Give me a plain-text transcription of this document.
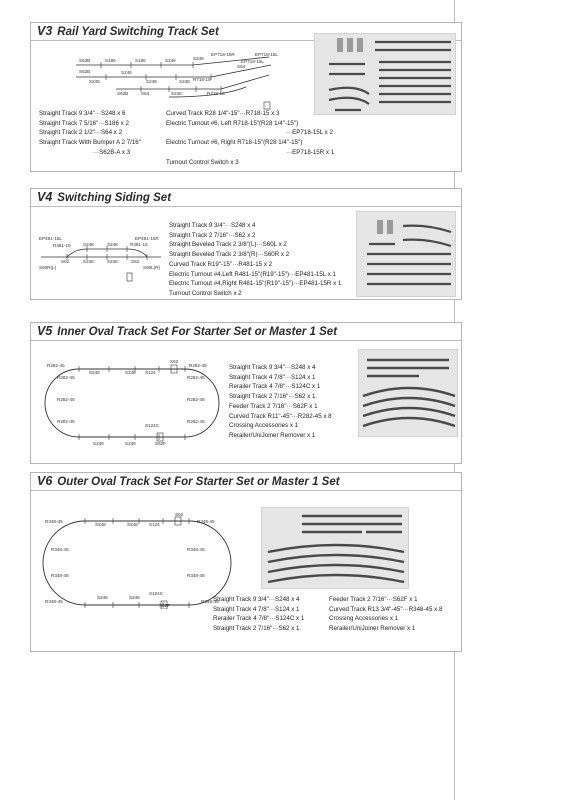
V3 Rail Yard Switching Track Set
S62B	S186	S186	S248	S248
EP718-15R	EP718-15L
S62B
S248
S248
S248	S248 R718-15
S64
EP718-15L
S62B	S64	S248	R718-15
Straight Track 9 3/4"···S248 x 6
Straight Track 7 5/16"···S186 x 2
Straight Track 2 1/2"···S64 x 2
Straight Track With Bumper A 2 7/16"
···S62B-A x 3
Curved Track R28 1/4"-15"···R718-15 x 3
Electric Turnout #6, Left R718-15"(R28 1/4"-15")
···EP718-15L x 2
Electric Turnout #6, Right R718-15"(R28 1/4"-15")
···EP718-15R x 1
Turnout Control Switch x 3
V4 Switching Siding Set
EP481-15L	EP481-15R
R481-15	S248	S248	R481-15
S62	S248	S248	S62
S60R(L)	S60L(R)
Straight Track 9 3/4"···S248 x 4
Straight Track 2 7/16"···S62 x 2
Straight Beveled Track 2 3/8"(L)···S60L x 2
Straight Beveled Track 2 3/8"(R)···S60R x 2
Curved Track R19"-15"···R481-15 x 2
Electric Turnout #4,Left R481-15"(R19"-15")···EP481-15L x 1
Electric Turnout #4,Right R481-15"(R19"-15")···EP481-15R x 1
Turnout Control Switch x 2
V5 Inner Oval Track Set For Starter Set or Master 1 Set
S62
R282-45
R282-45
S248	S248 S124
R282-45
R282-45
R282-45	R282-45
R282-45	R282-45
S124C
S248	S248	S62F
Straight Track 9 3/4"···S248 x 4
Straight Track 4 7/8"···S124 x 1
Rerailer Track 4 7/8"···S124C x 1
Straight Track 2 7/16"···S62 x 1
Feeder Track 2 7/16"···S62F x 1
Curved Track R11"-45"···R282-45 x 8
Crossing Accessories x 1
Rerailer/UniJoiner Remover x 1
V6 Outer Oval Track Set For Starter Set or Master 1 Set
S62
R348-45
R348-45
S248	S248 S124
R348-45
R348-45
R348-45	R348-45
R348-45	R348-45
S124C
S248	S248
S62F
Straight Track 9 3/4"···S248 x 4
Straight Track 4 7/8"···S124 x 1
Rerailer Track 4 7/8"···S124C x 1
Straight Track 2 7/16"···S62 x 1
Feeder Track 2 7/16"···S62F x 1
Curved Track R13 3/4"-45"···R348-45 x 8
Crossing Accessories x 1
Rerailer/UniJoiner Remover x 1
